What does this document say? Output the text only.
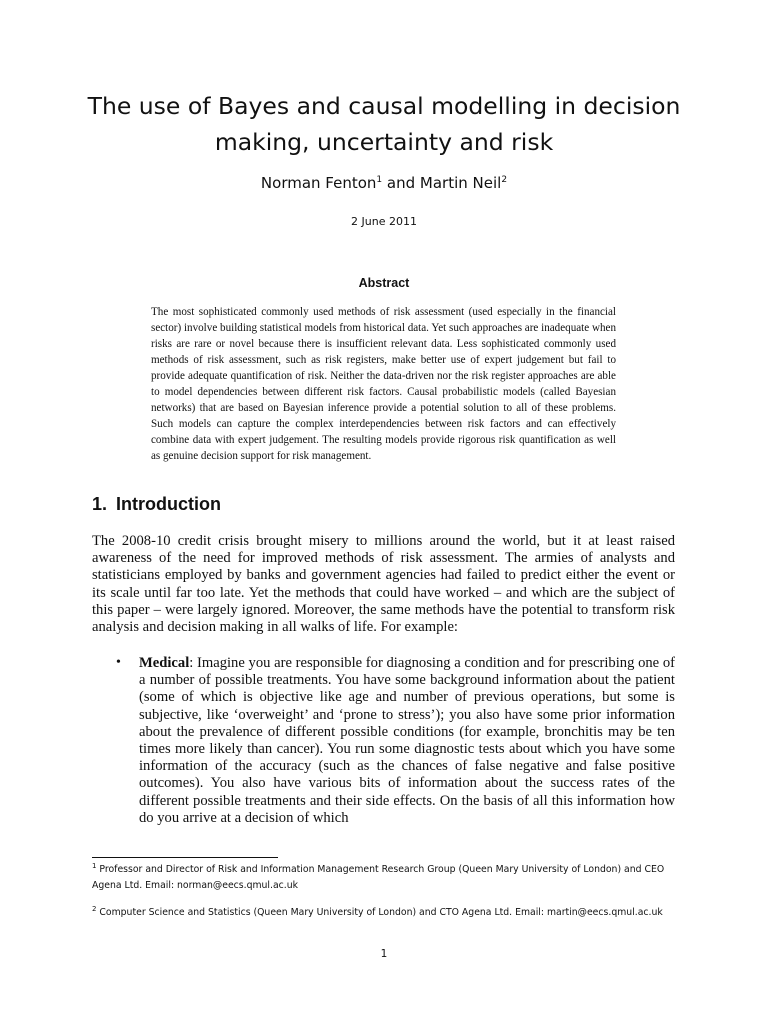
The use of Bayes and causal modelling in decision making, uncertainty and risk

Norman Fenton$^1$ and Martin Neil$^2$

2 June 2011

Abstract

The most sophisticated commonly used methods of risk assessment (used especially in the financial sector) involve building statistical models from historical data. Yet such approaches are inadequate when risks are rare or novel because there is insufficient relevant data. Less sophisticated commonly used methods of risk assessment, such as risk registers, make better use of expert judgement but fail to provide adequate quantification of risk. Neither the data-driven nor the risk register approaches are able to model dependencies between different risk factors. Causal probabilistic models (called Bayesian networks) that are based on Bayesian inference provide a potential solution to all of these problems. Such models can capture the complex interdependencies between risk factors and can effectively combine data with expert judgement. The resulting models provide rigorous risk quantification as well as genuine decision support for risk management.

1. Introduction

The 2008-10 credit crisis brought misery to millions around the world, but it at least raised awareness of the need for improved methods of risk assessment. The armies of analysts and statisticians employed by banks and government agencies had failed to predict either the event or its scale until far too late. Yet the methods that could have worked – and which are the subject of this paper – were largely ignored. Moreover, the same methods have the potential to transform risk analysis and decision making in all walks of life. For example:

• Medical: Imagine you are responsible for diagnosing a condition and for prescribing one of a number of possible treatments. You have some background information about the patient (some of which is objective like age and number of previous operations, but some is subjective, like ‘overweight’ and ‘prone to stress’); you also have some prior information about the prevalence of different possible conditions (for example, bronchitis may be ten times more likely than cancer). You run some diagnostic tests about which you have some information of the accuracy (such as the chances of false negative and false positive outcomes). You also have various bits of information about the success rates of the different possible treatments and their side effects. On the basis of all this information how do you arrive at a decision of which

$^1$ Professor and Director of Risk and Information Management Research Group (Queen Mary University of London) and CEO Agena Ltd. Email: norman@eecs.qmul.ac.uk

$^2$ Computer Science and Statistics (Queen Mary University of London) and CTO Agena Ltd. Email: martin@eecs.qmul.ac.uk

1
